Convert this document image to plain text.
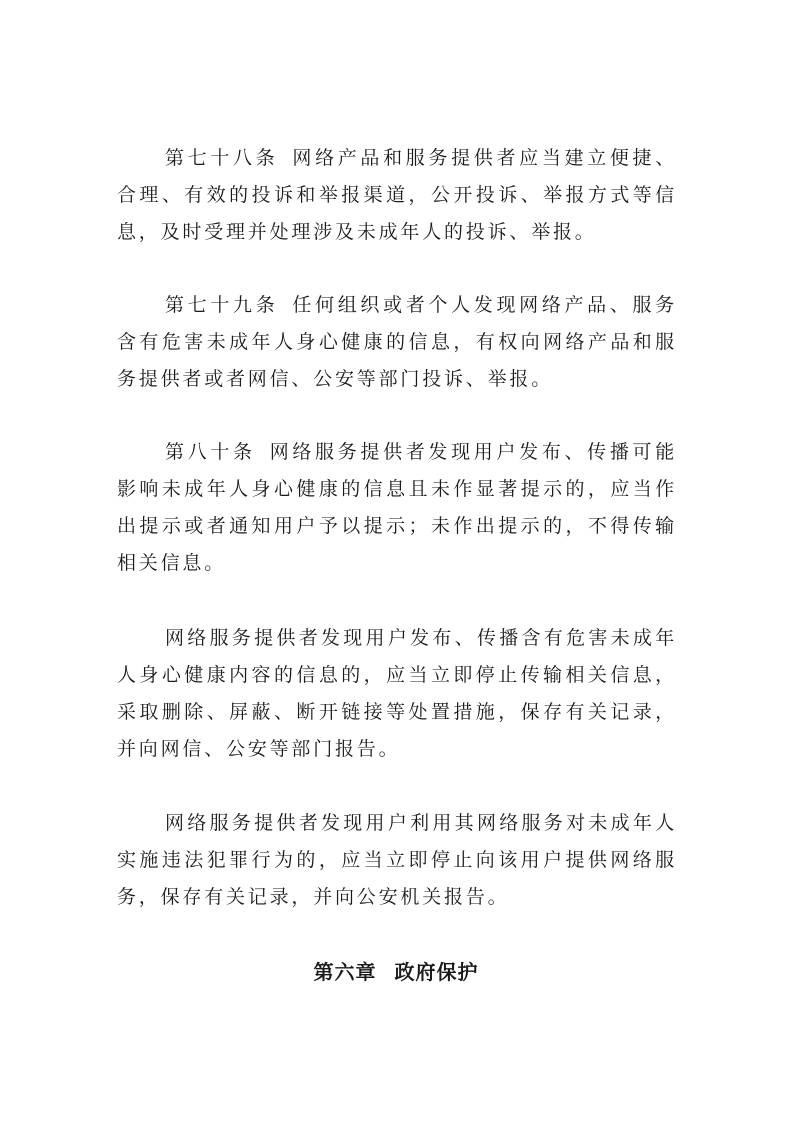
第七十八条 网络产品和服务提供者应当建立便捷、合理、有效的投诉和举报渠道，公开投诉、举报方式等信息，及时受理并处理涉及未成年人的投诉、举报。

第七十九条 任何组织或者个人发现网络产品、服务含有危害未成年人身心健康的信息，有权向网络产品和服务提供者或者网信、公安等部门投诉、举报。

第八十条 网络服务提供者发现用户发布、传播可能影响未成年人身心健康的信息且未作显著提示的，应当作出提示或者通知用户予以提示；未作出提示的，不得传输相关信息。

网络服务提供者发现用户发布、传播含有危害未成年人身心健康内容的信息的，应当立即停止传输相关信息，采取删除、屏蔽、断开链接等处置措施，保存有关记录，并向网信、公安等部门报告。

网络服务提供者发现用户利用其网络服务对未成年人实施违法犯罪行为的，应当立即停止向该用户提供网络服务，保存有关记录，并向公安机关报告。

第六章 政府保护
